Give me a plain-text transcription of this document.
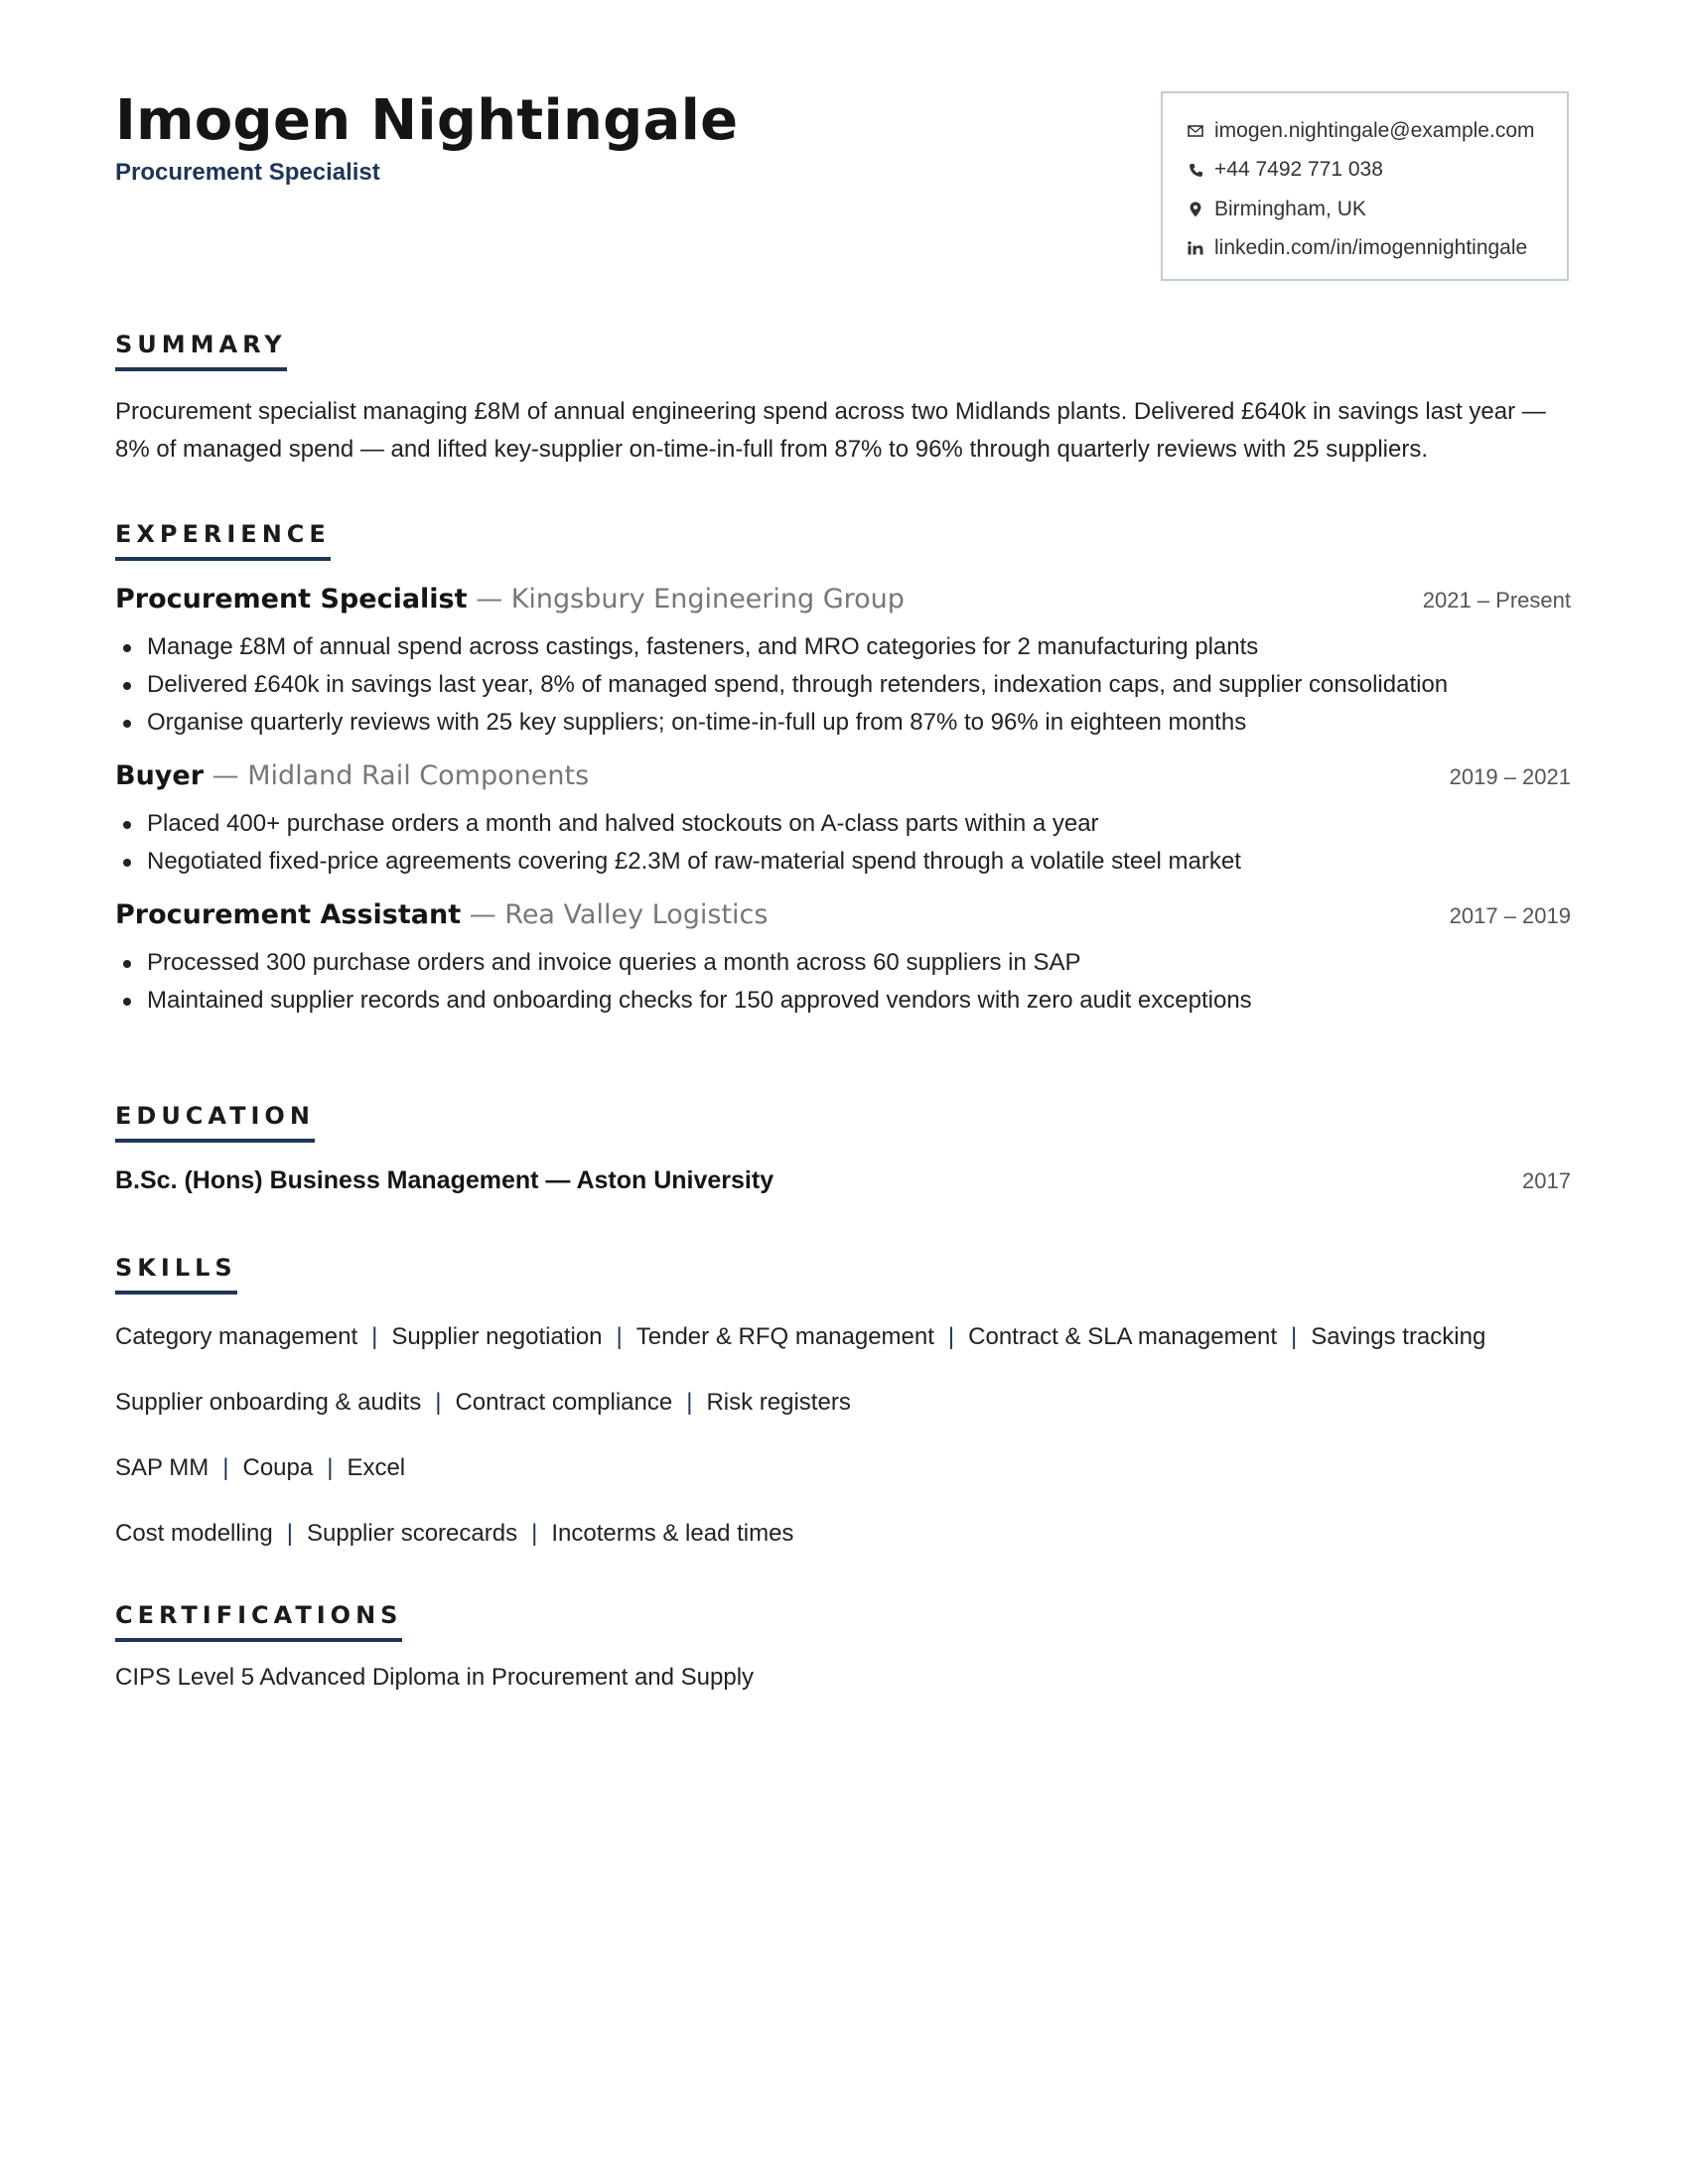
Imogen Nightingale
Procurement Specialist
imogen.nightingale@example.com
+44 7492 771 038
Birmingham, UK
linkedin.com/in/imogennightingale
SUMMARY
Procurement specialist managing £8M of annual engineering spend across two Midlands plants. Delivered £640k in savings last year — 8% of managed spend — and lifted key-supplier on-time-in-full from 87% to 96% through quarterly reviews with 25 suppliers.
EXPERIENCE
Procurement Specialist — Kingsbury Engineering Group	2021 – Present
Manage £8M of annual spend across castings, fasteners, and MRO categories for 2 manufacturing plants
Delivered £640k in savings last year, 8% of managed spend, through retenders, indexation caps, and supplier consolidation
Organise quarterly reviews with 25 key suppliers; on-time-in-full up from 87% to 96% in eighteen months
Buyer — Midland Rail Components	2019 – 2021
Placed 400+ purchase orders a month and halved stockouts on A-class parts within a year
Negotiated fixed-price agreements covering £2.3M of raw-material spend through a volatile steel market
Procurement Assistant — Rea Valley Logistics	2017 – 2019
Processed 300 purchase orders and invoice queries a month across 60 suppliers in SAP
Maintained supplier records and onboarding checks for 150 approved vendors with zero audit exceptions
EDUCATION
B.Sc. (Hons) Business Management — Aston University	2017
SKILLS
Category management | Supplier negotiation | Tender & RFQ management | Contract & SLA management | Savings tracking
Supplier onboarding & audits | Contract compliance | Risk registers
SAP MM | Coupa | Excel
Cost modelling | Supplier scorecards | Incoterms & lead times
CERTIFICATIONS
CIPS Level 5 Advanced Diploma in Procurement and Supply
